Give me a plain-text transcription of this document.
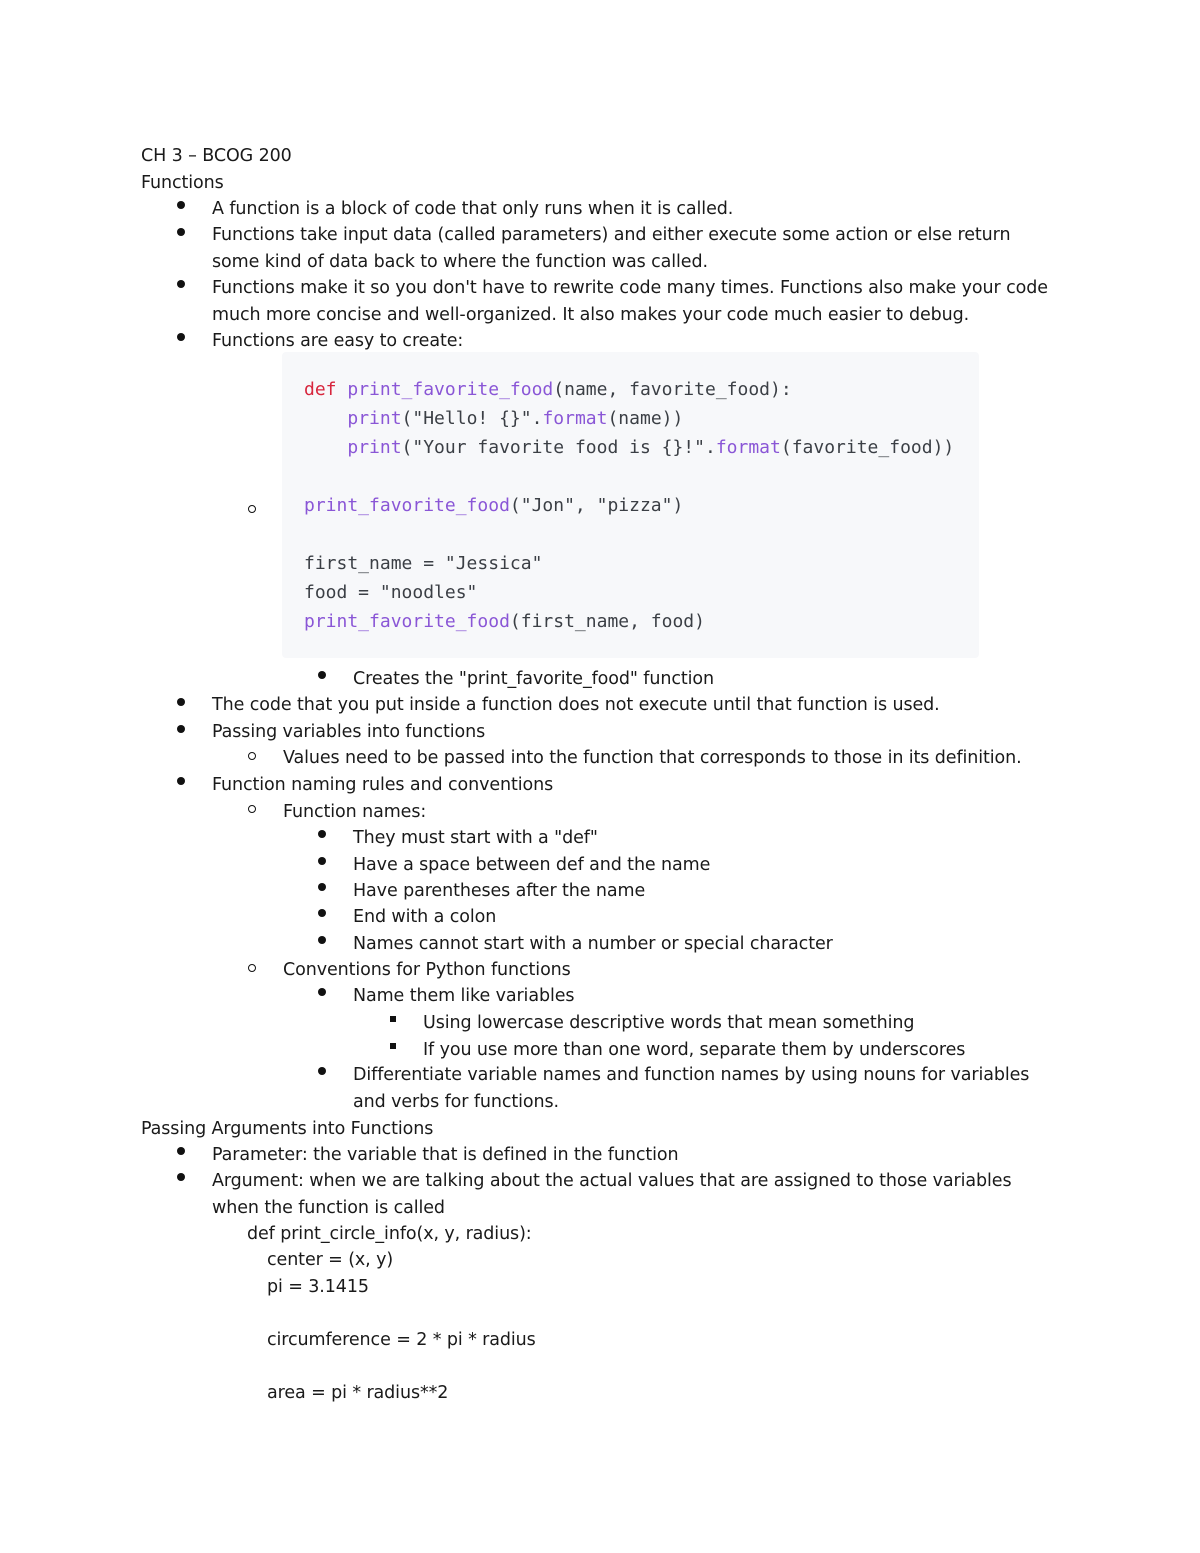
CH 3 – BCOG 200
Functions
A function is a block of code that only runs when it is called.
Functions take input data (called parameters) and either execute some action or else return
some kind of data back to where the function was called.
Functions make it so you don't have to rewrite code many times. Functions also make your code
much more concise and well-organized. It also makes your code much easier to debug.
Functions are easy to create:
def print_favorite_food(name, favorite_food):
print("Hello! {}".format(name))
print("Your favorite food is {}!".format(favorite_food))
print_favorite_food("Jon", "pizza")
first_name = "Jessica"
food = "noodles"
print_favorite_food(first_name, food)
Creates the "print_favorite_food" function
The code that you put inside a function does not execute until that function is used.
Passing variables into functions
Values need to be passed into the function that corresponds to those in its definition.
Function naming rules and conventions
Function names:
They must start with a "def"
Have a space between def and the name
Have parentheses after the name
End with a colon
Names cannot start with a number or special character
Conventions for Python functions
Name them like variables
Using lowercase descriptive words that mean something
If you use more than one word, separate them by underscores
Differentiate variable names and function names by using nouns for variables
and verbs for functions.
Passing Arguments into Functions
Parameter: the variable that is defined in the function
Argument: when we are talking about the actual values that are assigned to those variables
when the function is called
def print_circle_info(x, y, radius):
center = (x, y)
pi = 3.1415
circumference = 2 * pi * radius
area = pi * radius**2
